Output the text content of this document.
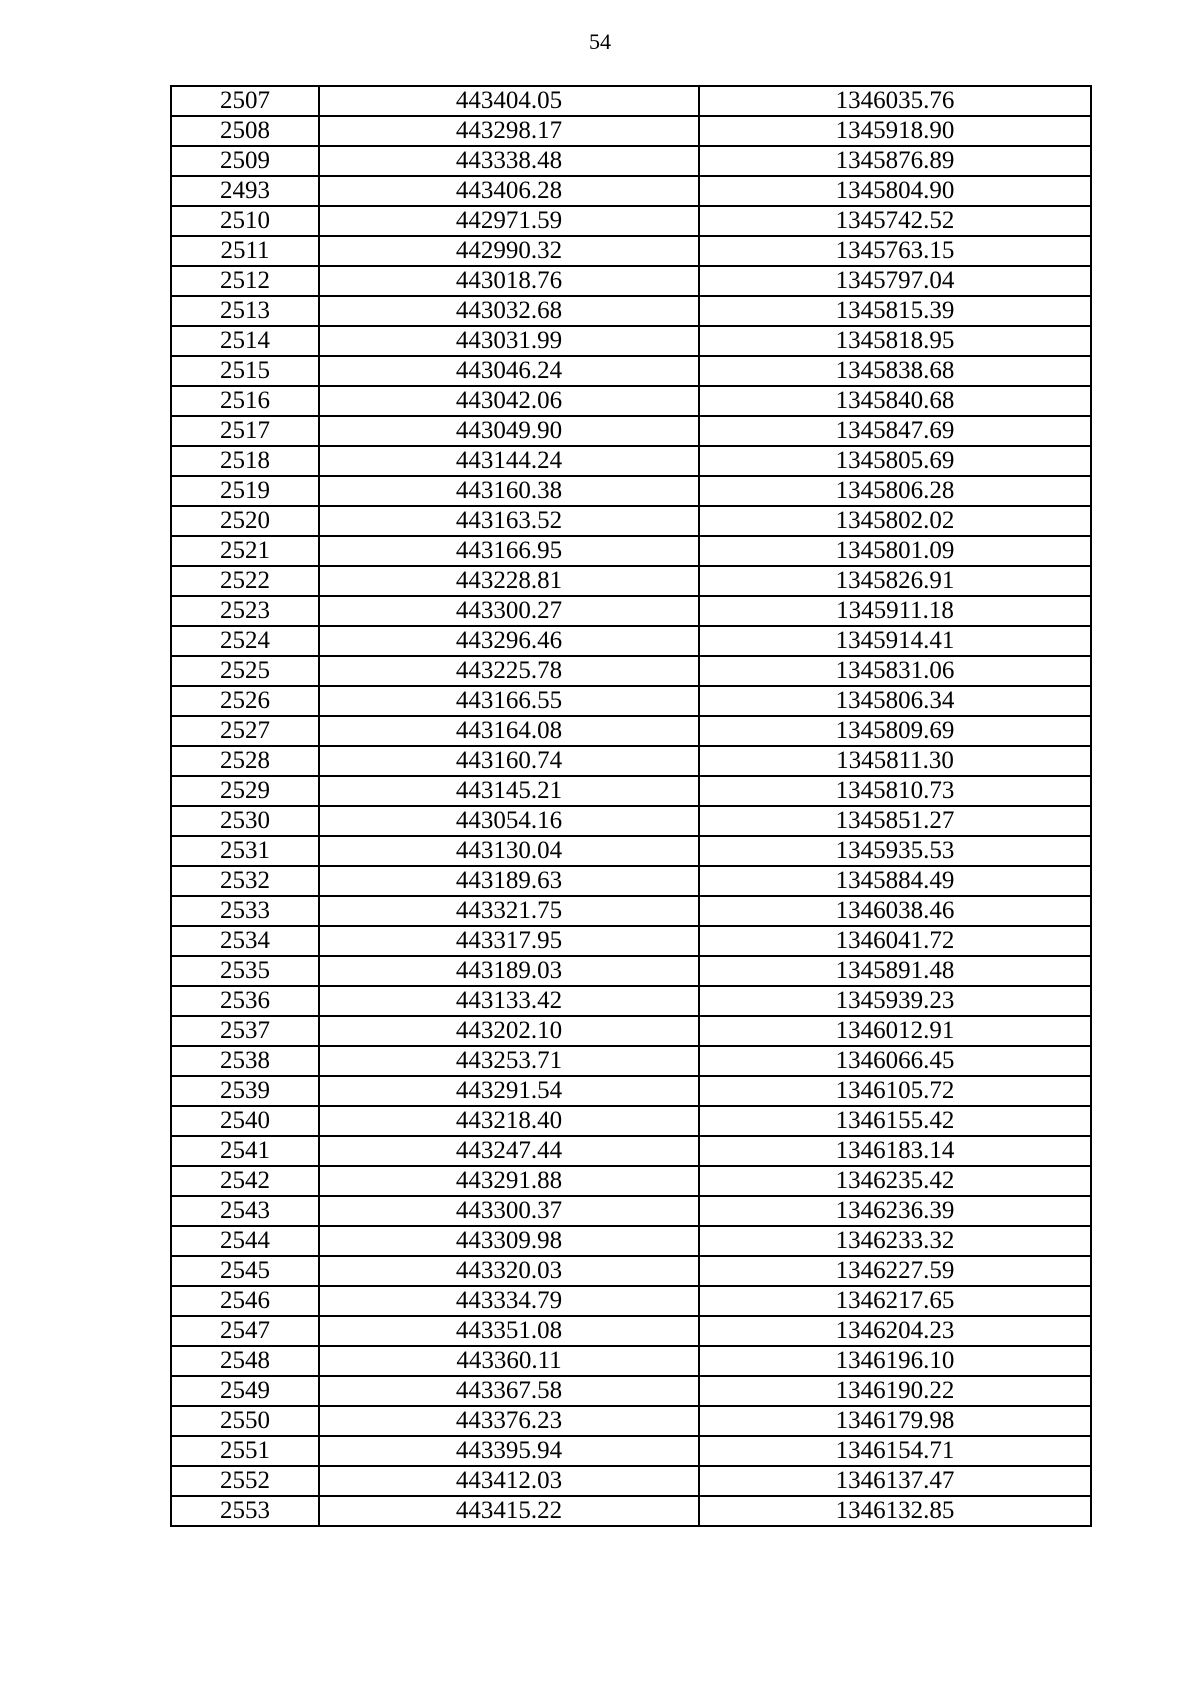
54
2507	443404.05	1346035.76
2508	443298.17	1345918.90
2509	443338.48	1345876.89
2493	443406.28	1345804.90
2510	442971.59	1345742.52
2511	442990.32	1345763.15
2512	443018.76	1345797.04
2513	443032.68	1345815.39
2514	443031.99	1345818.95
2515	443046.24	1345838.68
2516	443042.06	1345840.68
2517	443049.90	1345847.69
2518	443144.24	1345805.69
2519	443160.38	1345806.28
2520	443163.52	1345802.02
2521	443166.95	1345801.09
2522	443228.81	1345826.91
2523	443300.27	1345911.18
2524	443296.46	1345914.41
2525	443225.78	1345831.06
2526	443166.55	1345806.34
2527	443164.08	1345809.69
2528	443160.74	1345811.30
2529	443145.21	1345810.73
2530	443054.16	1345851.27
2531	443130.04	1345935.53
2532	443189.63	1345884.49
2533	443321.75	1346038.46
2534	443317.95	1346041.72
2535	443189.03	1345891.48
2536	443133.42	1345939.23
2537	443202.10	1346012.91
2538	443253.71	1346066.45
2539	443291.54	1346105.72
2540	443218.40	1346155.42
2541	443247.44	1346183.14
2542	443291.88	1346235.42
2543	443300.37	1346236.39
2544	443309.98	1346233.32
2545	443320.03	1346227.59
2546	443334.79	1346217.65
2547	443351.08	1346204.23
2548	443360.11	1346196.10
2549	443367.58	1346190.22
2550	443376.23	1346179.98
2551	443395.94	1346154.71
2552	443412.03	1346137.47
2553	443415.22	1346132.85
